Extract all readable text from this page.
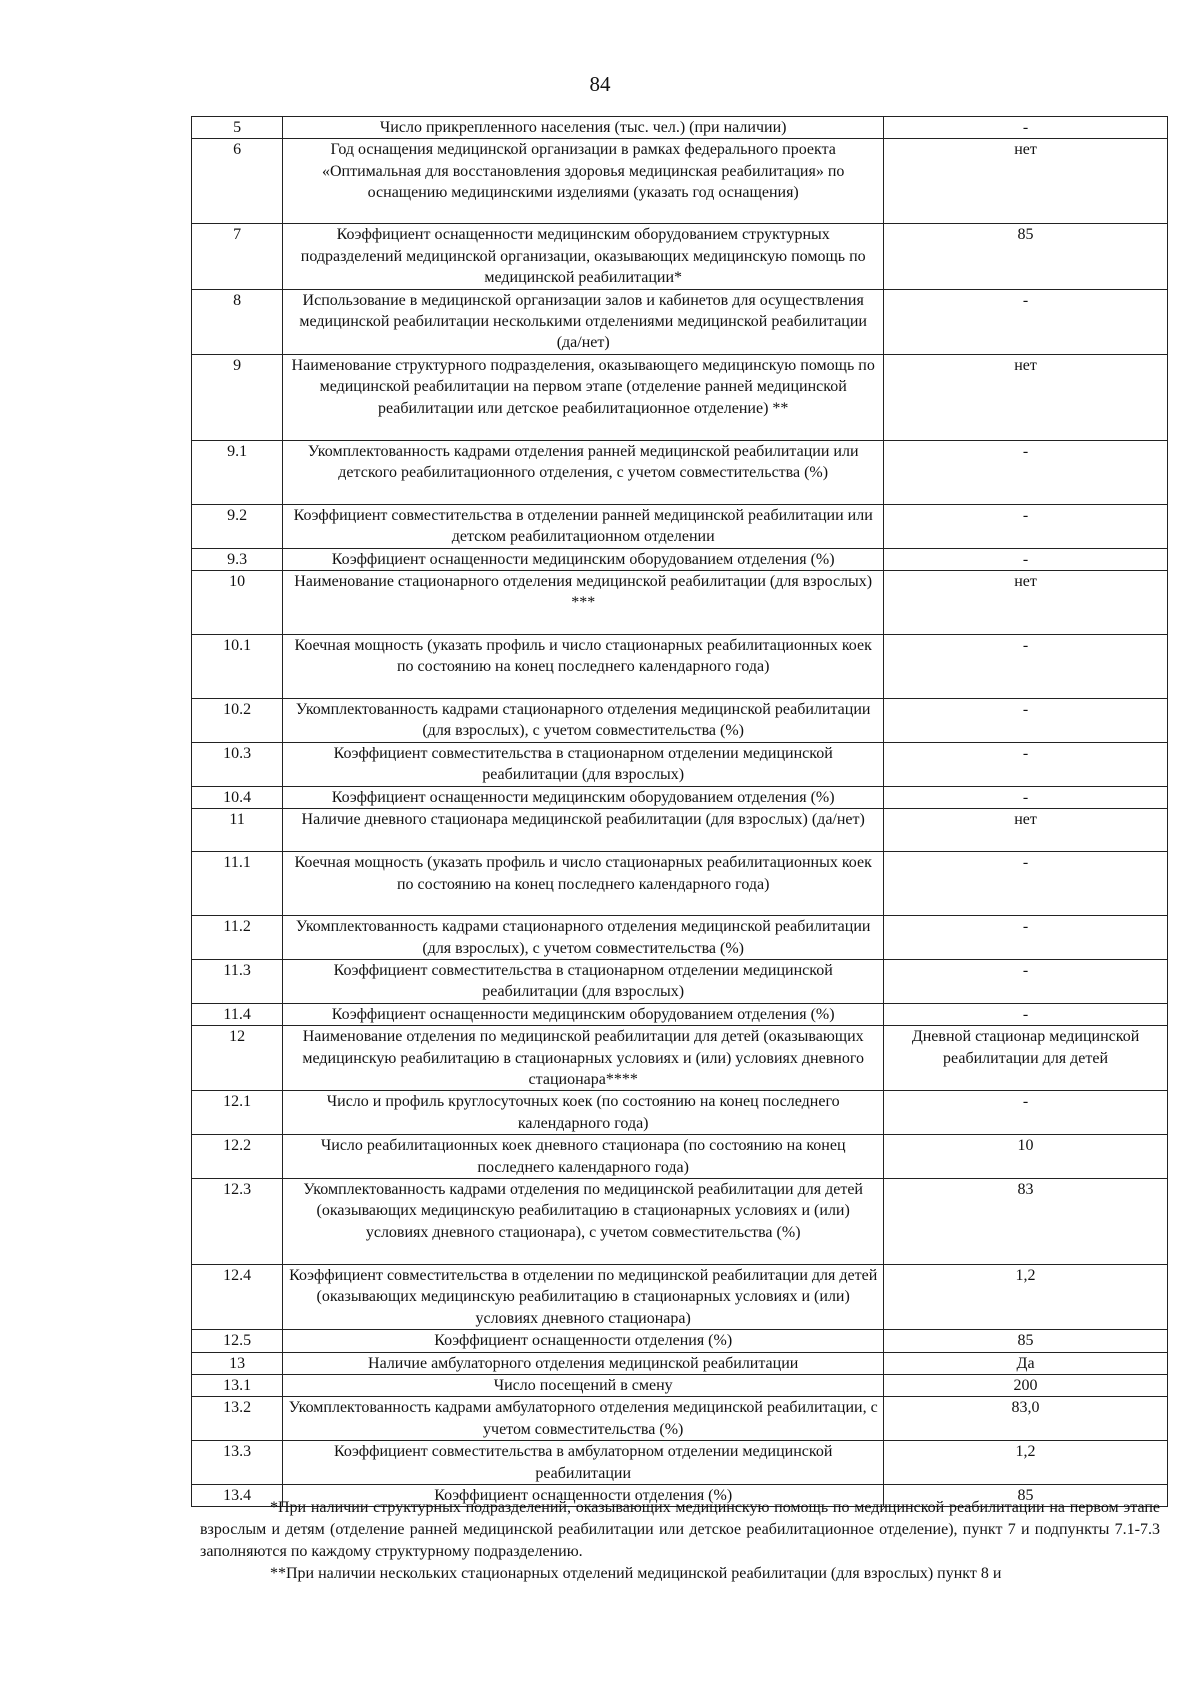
84
5	Число прикрепленного населения (тыс. чел.) (при наличии)	-
6	Год оснащения медицинской организации в рамках федерального проекта «Оптимальная для восстановления здоровья медицинская реабилитация» по оснащению медицинскими изделиями (указать год оснащения)	нет
7	Коэффициент оснащенности медицинским оборудованием структурных подразделений медицинской организации, оказывающих медицинскую помощь по медицинской реабилитации*	85
8	Использование в медицинской организации залов и кабинетов для осуществления медицинской реабилитации несколькими отделениями медицинской реабилитации (да/нет)	-
9	Наименование структурного подразделения, оказывающего медицинскую помощь по медицинской реабилитации на первом этапе (отделение ранней медицинской реабилитации или детское реабилитационное отделение) **	нет
9.1	Укомплектованность кадрами отделения ранней медицинской реабилитации или детского реабилитационного отделения, с учетом совместительства (%)	-
9.2	Коэффициент совместительства в отделении ранней медицинской реабилитации или детском реабилитационном отделении	-
9.3	Коэффициент оснащенности медицинским оборудованием отделения (%)	-
10	Наименование стационарного отделения медицинской реабилитации (для взрослых) ***	нет
10.1	Коечная мощность (указать профиль и число стационарных реабилитационных коек по состоянию на конец последнего календарного года)	-
10.2	Укомплектованность кадрами стационарного отделения медицинской реабилитации (для взрослых), с учетом совместительства (%)	-
10.3	Коэффициент совместительства в стационарном отделении медицинской реабилитации (для взрослых)	-
10.4	Коэффициент оснащенности медицинским оборудованием отделения (%)	-
11	Наличие дневного стационара медицинской реабилитации (для взрослых) (да/нет)	нет
11.1	Коечная мощность (указать профиль и число стационарных реабилитационных коек по состоянию на конец последнего календарного года)	-
11.2	Укомплектованность кадрами стационарного отделения медицинской реабилитации (для взрослых), с учетом совместительства (%)	-
11.3	Коэффициент совместительства в стационарном отделении медицинской реабилитации (для взрослых)	-
11.4	Коэффициент оснащенности медицинским оборудованием отделения (%)	-
12	Наименование отделения по медицинской реабилитации для детей (оказывающих медицинскую реабилитацию в стационарных условиях и (или) условиях дневного стационара****	Дневной стационар медицинской реабилитации для детей
12.1	Число и профиль круглосуточных коек (по состоянию на конец последнего календарного года)	-
12.2	Число реабилитационных коек дневного стационара (по состоянию на конец последнего календарного года)	10
12.3	Укомплектованность кадрами отделения по медицинской реабилитации для детей (оказывающих медицинскую реабилитацию в стационарных условиях и (или) условиях дневного стационара), с учетом совместительства (%)	83
12.4	Коэффициент совместительства в отделении по медицинской реабилитации для детей (оказывающих медицинскую реабилитацию в стационарных условиях и (или) условиях дневного стационара)	1,2
12.5	Коэффициент оснащенности отделения (%)	85
13	Наличие амбулаторного отделения медицинской реабилитации	Да
13.1	Число посещений в смену	200
13.2	Укомплектованность кадрами амбулаторного отделения медицинской реабилитации, с учетом совместительства (%)	83,0
13.3	Коэффициент совместительства в амбулаторном отделении медицинской реабилитации	1,2
13.4	Коэффициент оснащенности отделения (%)	85

*При наличии структурных подразделений, оказывающих медицинскую помощь по медицинской реабилитации на первом этапе взрослым и детям (отделение ранней медицинской реабилитации или детское реабилитационное отделение), пункт 7 и подпункты 7.1-7.3 заполняются по каждому структурному подразделению.

**При наличии нескольких стационарных отделений медицинской реабилитации (для взрослых) пункт 8 и
